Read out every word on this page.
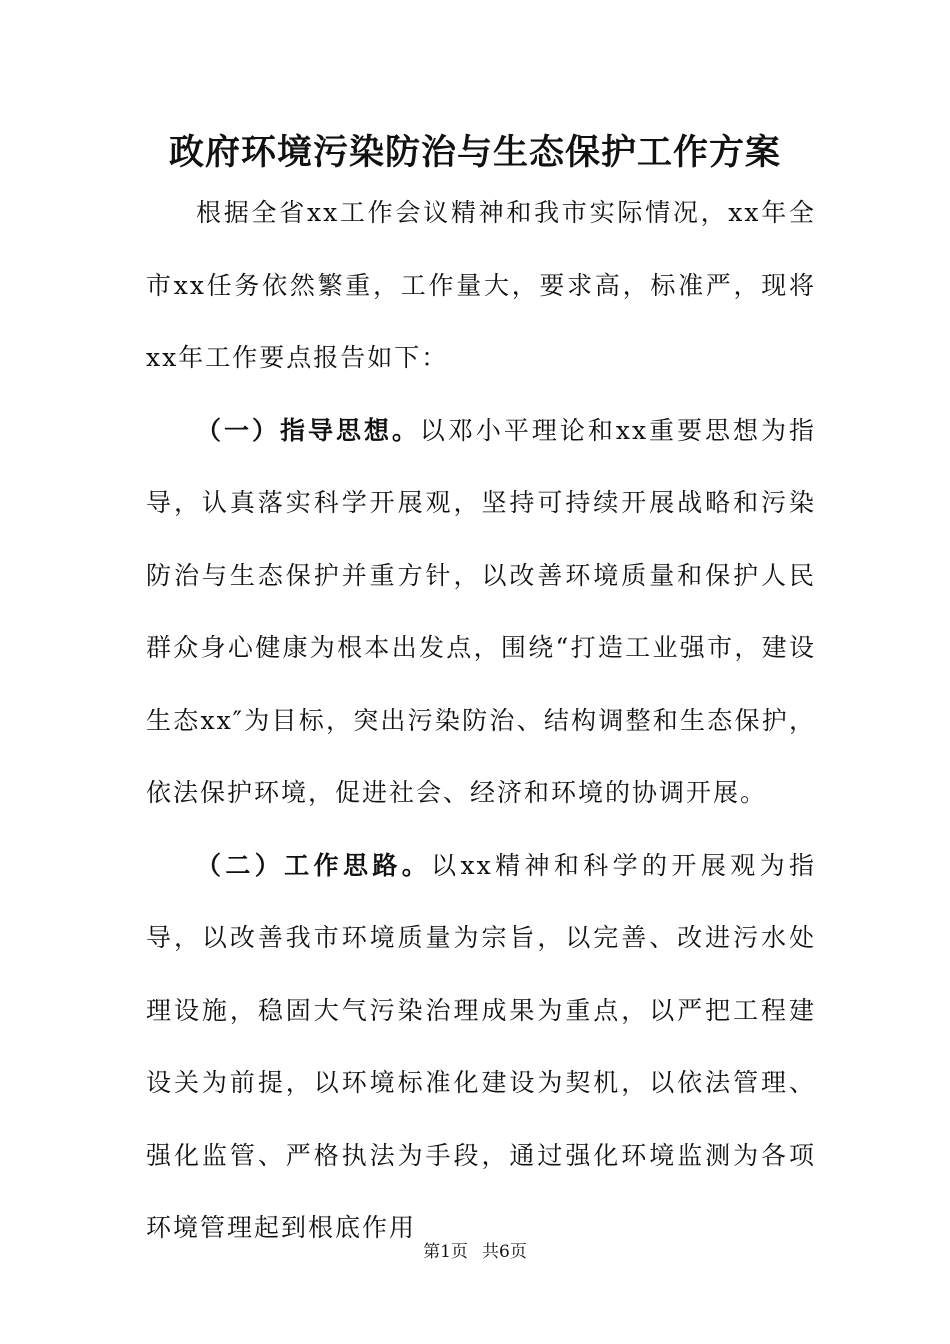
政府环境污染防治与生态保护工作方案

根据全省xx工作会议精神和我市实际情况，xx年全市xx任务依然繁重，工作量大，要求高，标准严，现将xx年工作要点报告如下：

（一）指导思想。以邓小平理论和xx重要思想为指导，认真落实科学开展观，坚持可持续开展战略和污染防治与生态保护并重方针，以改善环境质量和保护人民群众身心健康为根本出发点，围绕“打造工业强市，建设生态xx″为目标，突出污染防治、结构调整和生态保护，依法保护环境，促进社会、经济和环境的协调开展。

（二）工作思路。以xx精神和科学的开展观为指导，以改善我市环境质量为宗旨，以完善、改进污水处理设施，稳固大气污染治理成果为重点，以严把工程建设关为前提，以环境标准化建设为契机，以依法管理、强化监管、严格执法为手段，通过强化环境监测为各项环境管理起到根底作用

第1页 共6页
